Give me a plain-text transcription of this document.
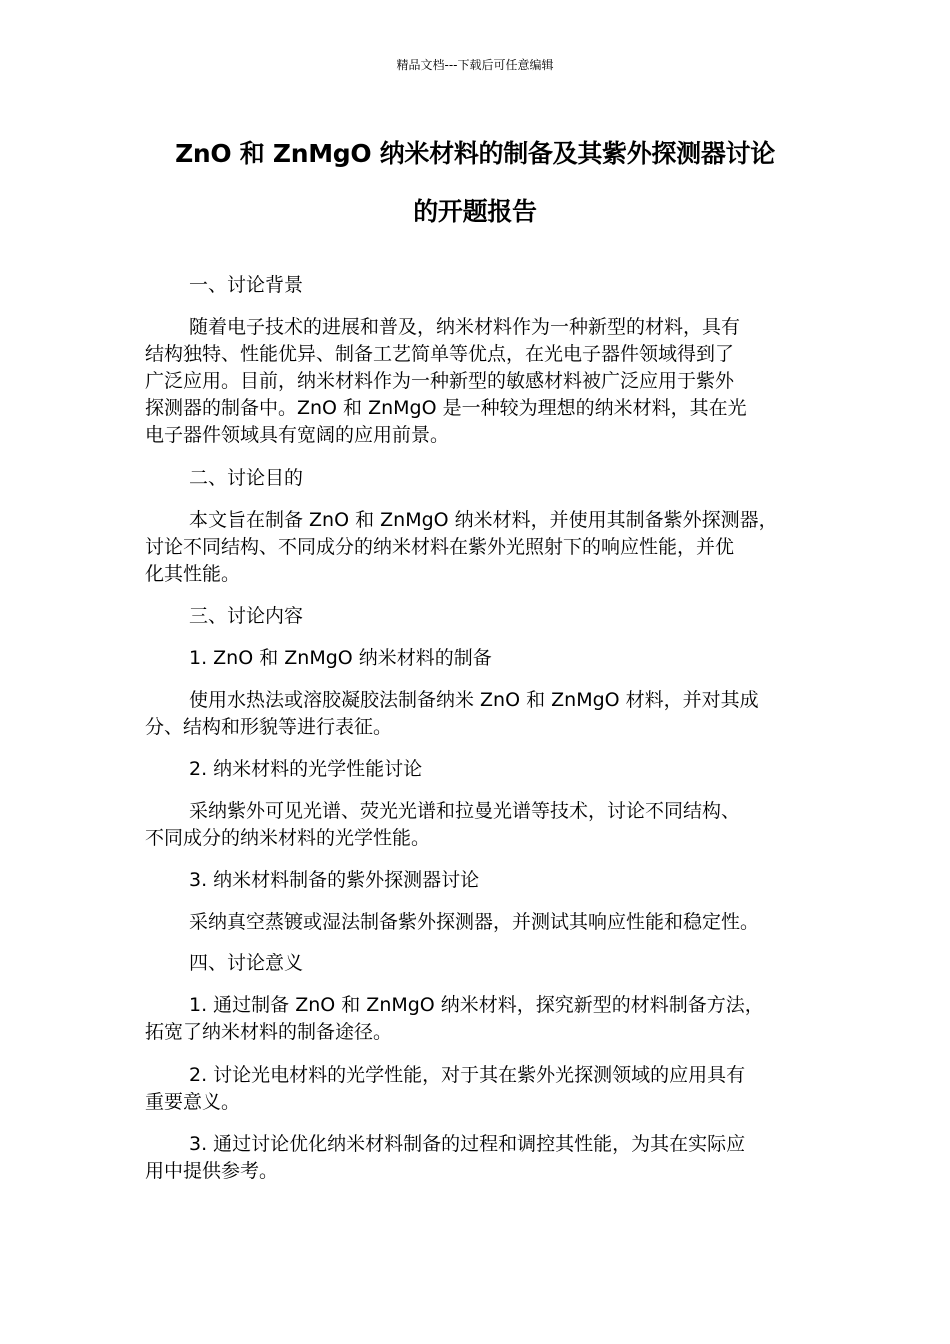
精品文档---下载后可任意编辑
ZnO 和 ZnMgO 纳米材料的制备及其紫外探测器讨论
的开题报告
一、讨论背景
随着电子技术的进展和普及，纳米材料作为一种新型的材料，具有
结构独特、性能优异、制备工艺简单等优点，在光电子器件领域得到了
广泛应用。目前，纳米材料作为一种新型的敏感材料被广泛应用于紫外
探测器的制备中。ZnO 和 ZnMgO 是一种较为理想的纳米材料，其在光
电子器件领域具有宽阔的应用前景。
二、讨论目的
本文旨在制备 ZnO 和 ZnMgO 纳米材料，并使用其制备紫外探测器，
讨论不同结构、不同成分的纳米材料在紫外光照射下的响应性能，并优
化其性能。
三、讨论内容
1. ZnO 和 ZnMgO 纳米材料的制备
使用水热法或溶胶凝胶法制备纳米 ZnO 和 ZnMgO 材料，并对其成
分、结构和形貌等进行表征。
2. 纳米材料的光学性能讨论
采纳紫外可见光谱、荧光光谱和拉曼光谱等技术，讨论不同结构、
不同成分的纳米材料的光学性能。
3. 纳米材料制备的紫外探测器讨论
采纳真空蒸镀或湿法制备紫外探测器，并测试其响应性能和稳定性。
四、讨论意义
1. 通过制备 ZnO 和 ZnMgO 纳米材料，探究新型的材料制备方法，
拓宽了纳米材料的制备途径。
2. 讨论光电材料的光学性能，对于其在紫外光探测领域的应用具有
重要意义。
3. 通过讨论优化纳米材料制备的过程和调控其性能，为其在实际应
用中提供参考。
